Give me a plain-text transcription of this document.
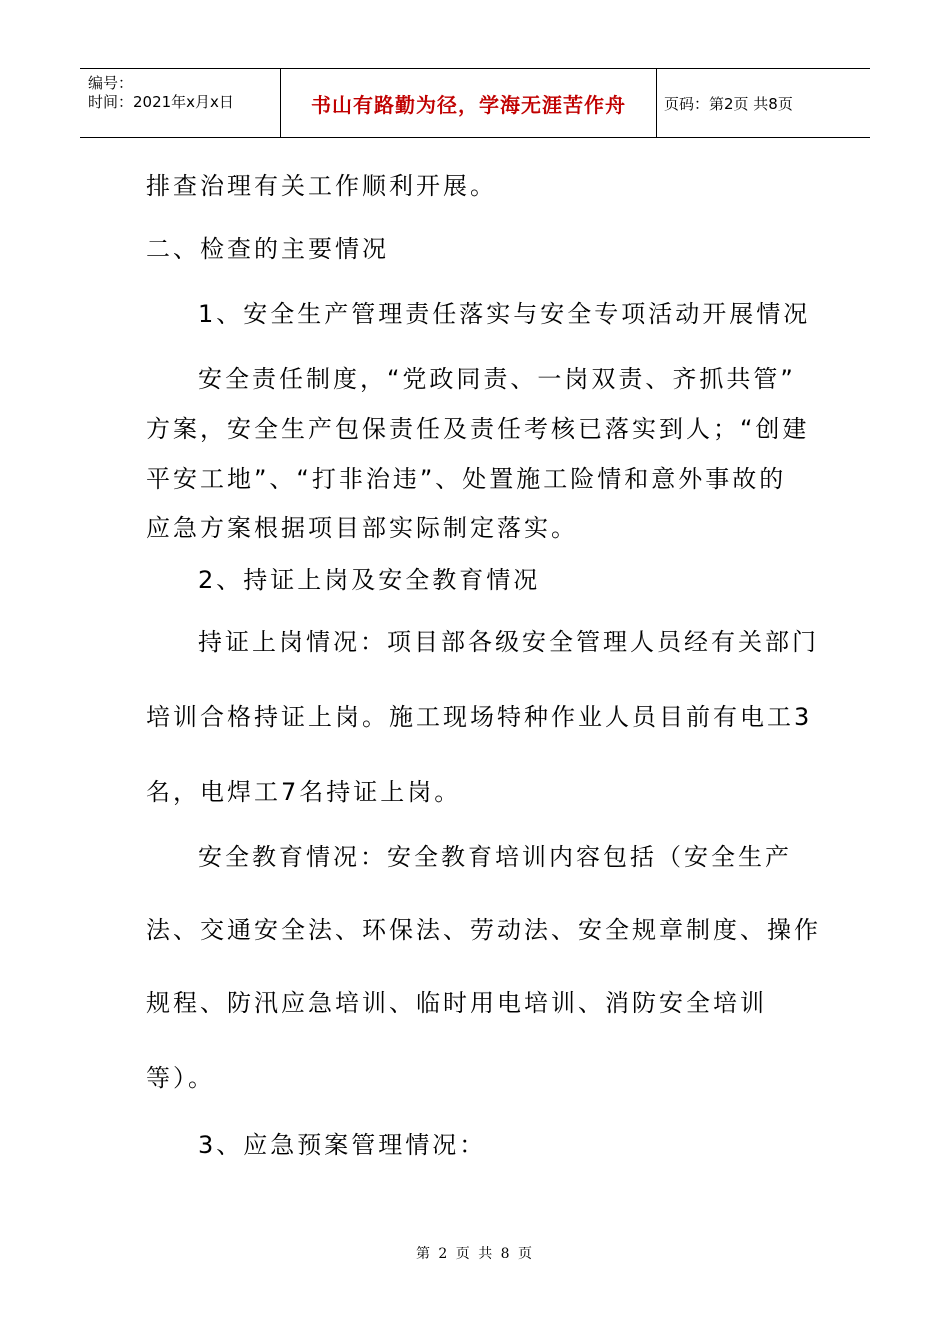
编号：
时间：2021年x月x日	书山有路勤为径，学海无涯苦作舟	页码：第2页 共8页
排查治理有关工作顺利开展。
二、检查的主要情况
1、安全生产管理责任落实与安全专项活动开展情况
安全责任制度，“党政同责、一岗双责、齐抓共管”
方案，安全生产包保责任及责任考核已落实到人；“创建
平安工地”、“打非治违”、处置施工险情和意外事故的
应急方案根据项目部实际制定落实。
2、持证上岗及安全教育情况
持证上岗情况：项目部各级安全管理人员经有关部门
培训合格持证上岗。施工现场特种作业人员目前有电工3
名，电焊工7名持证上岗。
安全教育情况：安全教育培训内容包括（安全生产
法、交通安全法、环保法、劳动法、安全规章制度、操作
规程、防汛应急培训、临时用电培训、消防安全培训
等）。
3、应急预案管理情况：
第 2 页 共 8 页
